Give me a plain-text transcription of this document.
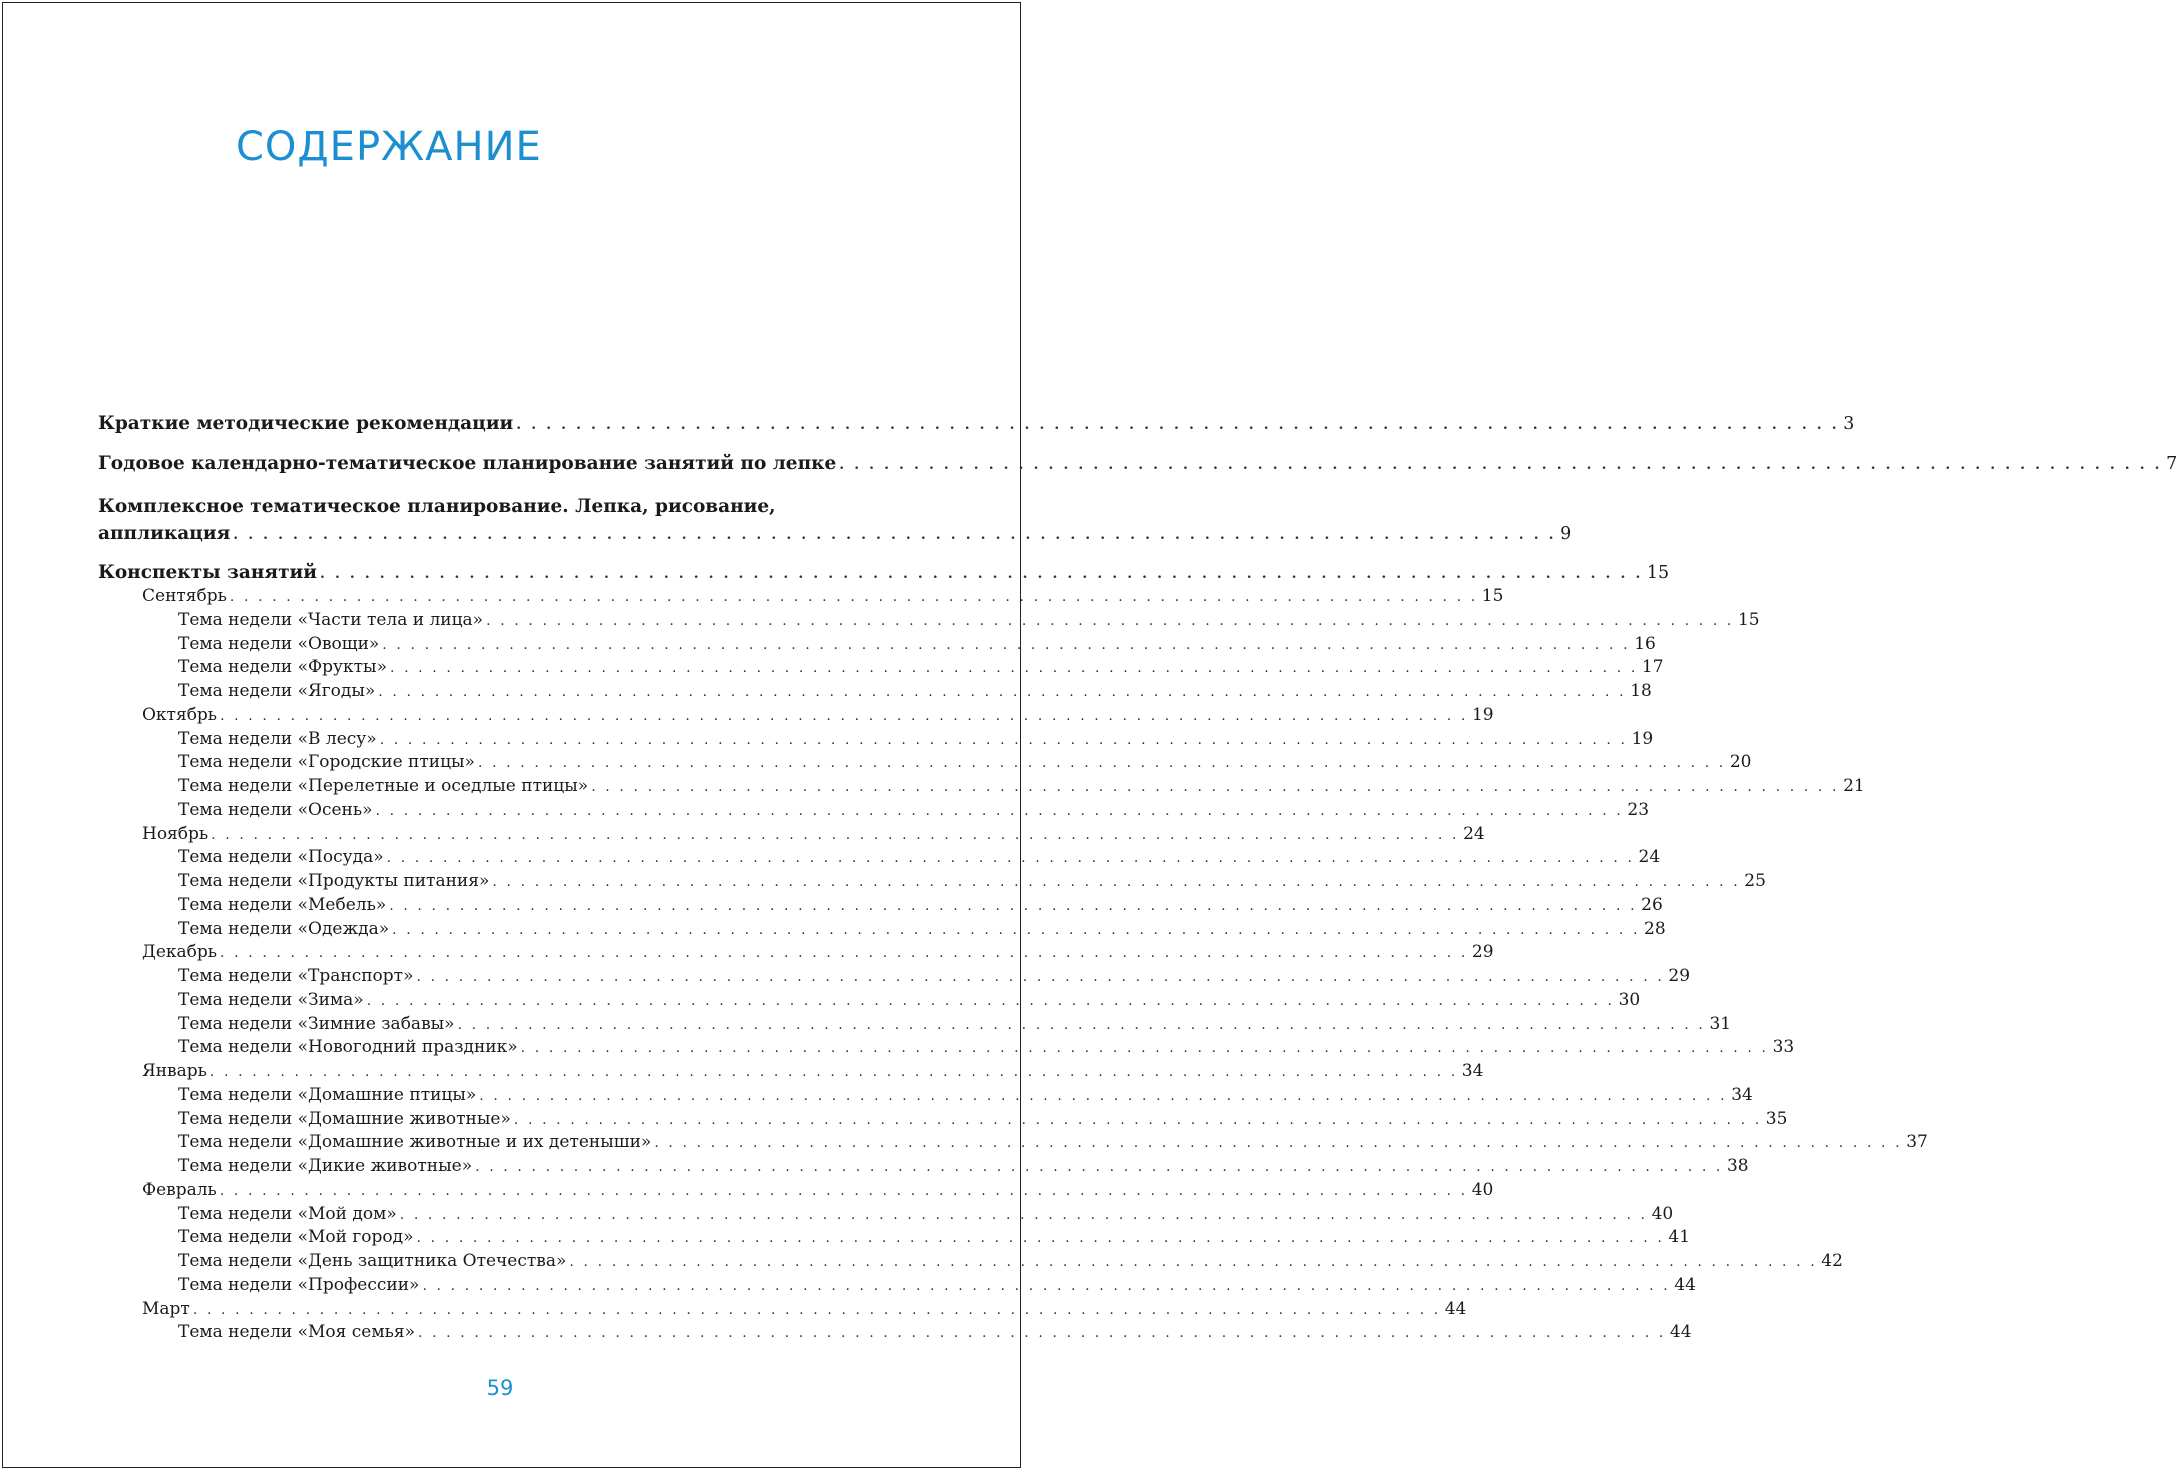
СОДЕРЖАНИЕ
Краткие методические рекомендации . . . . . . . . . . . . . . . . . . . . . . . . . . . . . . . . . . . . . . . . . . . . . . . . . . . . . . . . . . . . . . . . . . . . . . . . . . . . . . . . . . . . . . . . . 3
Годовое календарно-тематическое планирование занятий по лепке . . . . . . . . . . . . . . . . . . . . . . . . . . . . . . . . . . . . . . . . . . . . . . . . . . . . . . . . . . . . . . . . . . . . . . . . . . . . . . . . . . . . . . . . . 7
Комплексное тематическое планирование. Лепка, рисование,
аппликация . . . . . . . . . . . . . . . . . . . . . . . . . . . . . . . . . . . . . . . . . . . . . . . . . . . . . . . . . . . . . . . . . . . . . . . . . . . . . . . . . . . . . . . . . 9
Конспекты занятий . . . . . . . . . . . . . . . . . . . . . . . . . . . . . . . . . . . . . . . . . . . . . . . . . . . . . . . . . . . . . . . . . . . . . . . . . . . . . . . . . . . . . . . . . 15
Сентябрь . . . . . . . . . . . . . . . . . . . . . . . . . . . . . . . . . . . . . . . . . . . . . . . . . . . . . . . . . . . . . . . . . . . . . . . . . . . . . . . . . . . . . . . . . 15
Тема недели «Части тела и лица» . . . . . . . . . . . . . . . . . . . . . . . . . . . . . . . . . . . . . . . . . . . . . . . . . . . . . . . . . . . . . . . . . . . . . . . . . . . . . . . . . . . . . . . . . 15
Тема недели «Овощи» . . . . . . . . . . . . . . . . . . . . . . . . . . . . . . . . . . . . . . . . . . . . . . . . . . . . . . . . . . . . . . . . . . . . . . . . . . . . . . . . . . . . . . . . . 16
Тема недели «Фрукты» . . . . . . . . . . . . . . . . . . . . . . . . . . . . . . . . . . . . . . . . . . . . . . . . . . . . . . . . . . . . . . . . . . . . . . . . . . . . . . . . . . . . . . . . . 17
Тема недели «Ягоды» . . . . . . . . . . . . . . . . . . . . . . . . . . . . . . . . . . . . . . . . . . . . . . . . . . . . . . . . . . . . . . . . . . . . . . . . . . . . . . . . . . . . . . . . . 18
Октябрь . . . . . . . . . . . . . . . . . . . . . . . . . . . . . . . . . . . . . . . . . . . . . . . . . . . . . . . . . . . . . . . . . . . . . . . . . . . . . . . . . . . . . . . . . 19
Тема недели «В лесу» . . . . . . . . . . . . . . . . . . . . . . . . . . . . . . . . . . . . . . . . . . . . . . . . . . . . . . . . . . . . . . . . . . . . . . . . . . . . . . . . . . . . . . . . . 19
Тема недели «Городские птицы» . . . . . . . . . . . . . . . . . . . . . . . . . . . . . . . . . . . . . . . . . . . . . . . . . . . . . . . . . . . . . . . . . . . . . . . . . . . . . . . . . . . . . . . . . 20
Тема недели «Перелетные и оседлые птицы» . . . . . . . . . . . . . . . . . . . . . . . . . . . . . . . . . . . . . . . . . . . . . . . . . . . . . . . . . . . . . . . . . . . . . . . . . . . . . . . . . . . . . . . . . 21
Тема недели «Осень» . . . . . . . . . . . . . . . . . . . . . . . . . . . . . . . . . . . . . . . . . . . . . . . . . . . . . . . . . . . . . . . . . . . . . . . . . . . . . . . . . . . . . . . . . 23
Ноябрь . . . . . . . . . . . . . . . . . . . . . . . . . . . . . . . . . . . . . . . . . . . . . . . . . . . . . . . . . . . . . . . . . . . . . . . . . . . . . . . . . . . . . . . . . 24
Тема недели «Посуда» . . . . . . . . . . . . . . . . . . . . . . . . . . . . . . . . . . . . . . . . . . . . . . . . . . . . . . . . . . . . . . . . . . . . . . . . . . . . . . . . . . . . . . . . . 24
Тема недели «Продукты питания» . . . . . . . . . . . . . . . . . . . . . . . . . . . . . . . . . . . . . . . . . . . . . . . . . . . . . . . . . . . . . . . . . . . . . . . . . . . . . . . . . . . . . . . . . 25
Тема недели «Мебель» . . . . . . . . . . . . . . . . . . . . . . . . . . . . . . . . . . . . . . . . . . . . . . . . . . . . . . . . . . . . . . . . . . . . . . . . . . . . . . . . . . . . . . . . . 26
Тема недели «Одежда» . . . . . . . . . . . . . . . . . . . . . . . . . . . . . . . . . . . . . . . . . . . . . . . . . . . . . . . . . . . . . . . . . . . . . . . . . . . . . . . . . . . . . . . . . 28
Декабрь . . . . . . . . . . . . . . . . . . . . . . . . . . . . . . . . . . . . . . . . . . . . . . . . . . . . . . . . . . . . . . . . . . . . . . . . . . . . . . . . . . . . . . . . . 29
Тема недели «Транспорт» . . . . . . . . . . . . . . . . . . . . . . . . . . . . . . . . . . . . . . . . . . . . . . . . . . . . . . . . . . . . . . . . . . . . . . . . . . . . . . . . . . . . . . . . . 29
Тема недели «Зима» . . . . . . . . . . . . . . . . . . . . . . . . . . . . . . . . . . . . . . . . . . . . . . . . . . . . . . . . . . . . . . . . . . . . . . . . . . . . . . . . . . . . . . . . . 30
Тема недели «Зимние забавы» . . . . . . . . . . . . . . . . . . . . . . . . . . . . . . . . . . . . . . . . . . . . . . . . . . . . . . . . . . . . . . . . . . . . . . . . . . . . . . . . . . . . . . . . . 31
Тема недели «Новогодний праздник» . . . . . . . . . . . . . . . . . . . . . . . . . . . . . . . . . . . . . . . . . . . . . . . . . . . . . . . . . . . . . . . . . . . . . . . . . . . . . . . . . . . . . . . . . 33
Январь . . . . . . . . . . . . . . . . . . . . . . . . . . . . . . . . . . . . . . . . . . . . . . . . . . . . . . . . . . . . . . . . . . . . . . . . . . . . . . . . . . . . . . . . . 34
Тема недели «Домашние птицы» . . . . . . . . . . . . . . . . . . . . . . . . . . . . . . . . . . . . . . . . . . . . . . . . . . . . . . . . . . . . . . . . . . . . . . . . . . . . . . . . . . . . . . . . . 34
Тема недели «Домашние животные» . . . . . . . . . . . . . . . . . . . . . . . . . . . . . . . . . . . . . . . . . . . . . . . . . . . . . . . . . . . . . . . . . . . . . . . . . . . . . . . . . . . . . . . . . 35
Тема недели «Домашние животные и их детеныши» . . . . . . . . . . . . . . . . . . . . . . . . . . . . . . . . . . . . . . . . . . . . . . . . . . . . . . . . . . . . . . . . . . . . . . . . . . . . . . . . . . . . . . . . . 37
Тема недели «Дикие животные» . . . . . . . . . . . . . . . . . . . . . . . . . . . . . . . . . . . . . . . . . . . . . . . . . . . . . . . . . . . . . . . . . . . . . . . . . . . . . . . . . . . . . . . . . 38
Февраль . . . . . . . . . . . . . . . . . . . . . . . . . . . . . . . . . . . . . . . . . . . . . . . . . . . . . . . . . . . . . . . . . . . . . . . . . . . . . . . . . . . . . . . . . 40
Тема недели «Мой дом» . . . . . . . . . . . . . . . . . . . . . . . . . . . . . . . . . . . . . . . . . . . . . . . . . . . . . . . . . . . . . . . . . . . . . . . . . . . . . . . . . . . . . . . . . 40
Тема недели «Мой город» . . . . . . . . . . . . . . . . . . . . . . . . . . . . . . . . . . . . . . . . . . . . . . . . . . . . . . . . . . . . . . . . . . . . . . . . . . . . . . . . . . . . . . . . . 41
Тема недели «День защитника Отечества» . . . . . . . . . . . . . . . . . . . . . . . . . . . . . . . . . . . . . . . . . . . . . . . . . . . . . . . . . . . . . . . . . . . . . . . . . . . . . . . . . . . . . . . . . 42
Тема недели «Профессии» . . . . . . . . . . . . . . . . . . . . . . . . . . . . . . . . . . . . . . . . . . . . . . . . . . . . . . . . . . . . . . . . . . . . . . . . . . . . . . . . . . . . . . . . . 44
Март . . . . . . . . . . . . . . . . . . . . . . . . . . . . . . . . . . . . . . . . . . . . . . . . . . . . . . . . . . . . . . . . . . . . . . . . . . . . . . . . . . . . . . . . . 44
Тема недели «Моя семья» . . . . . . . . . . . . . . . . . . . . . . . . . . . . . . . . . . . . . . . . . . . . . . . . . . . . . . . . . . . . . . . . . . . . . . . . . . . . . . . . . . . . . . . . . 44
59
